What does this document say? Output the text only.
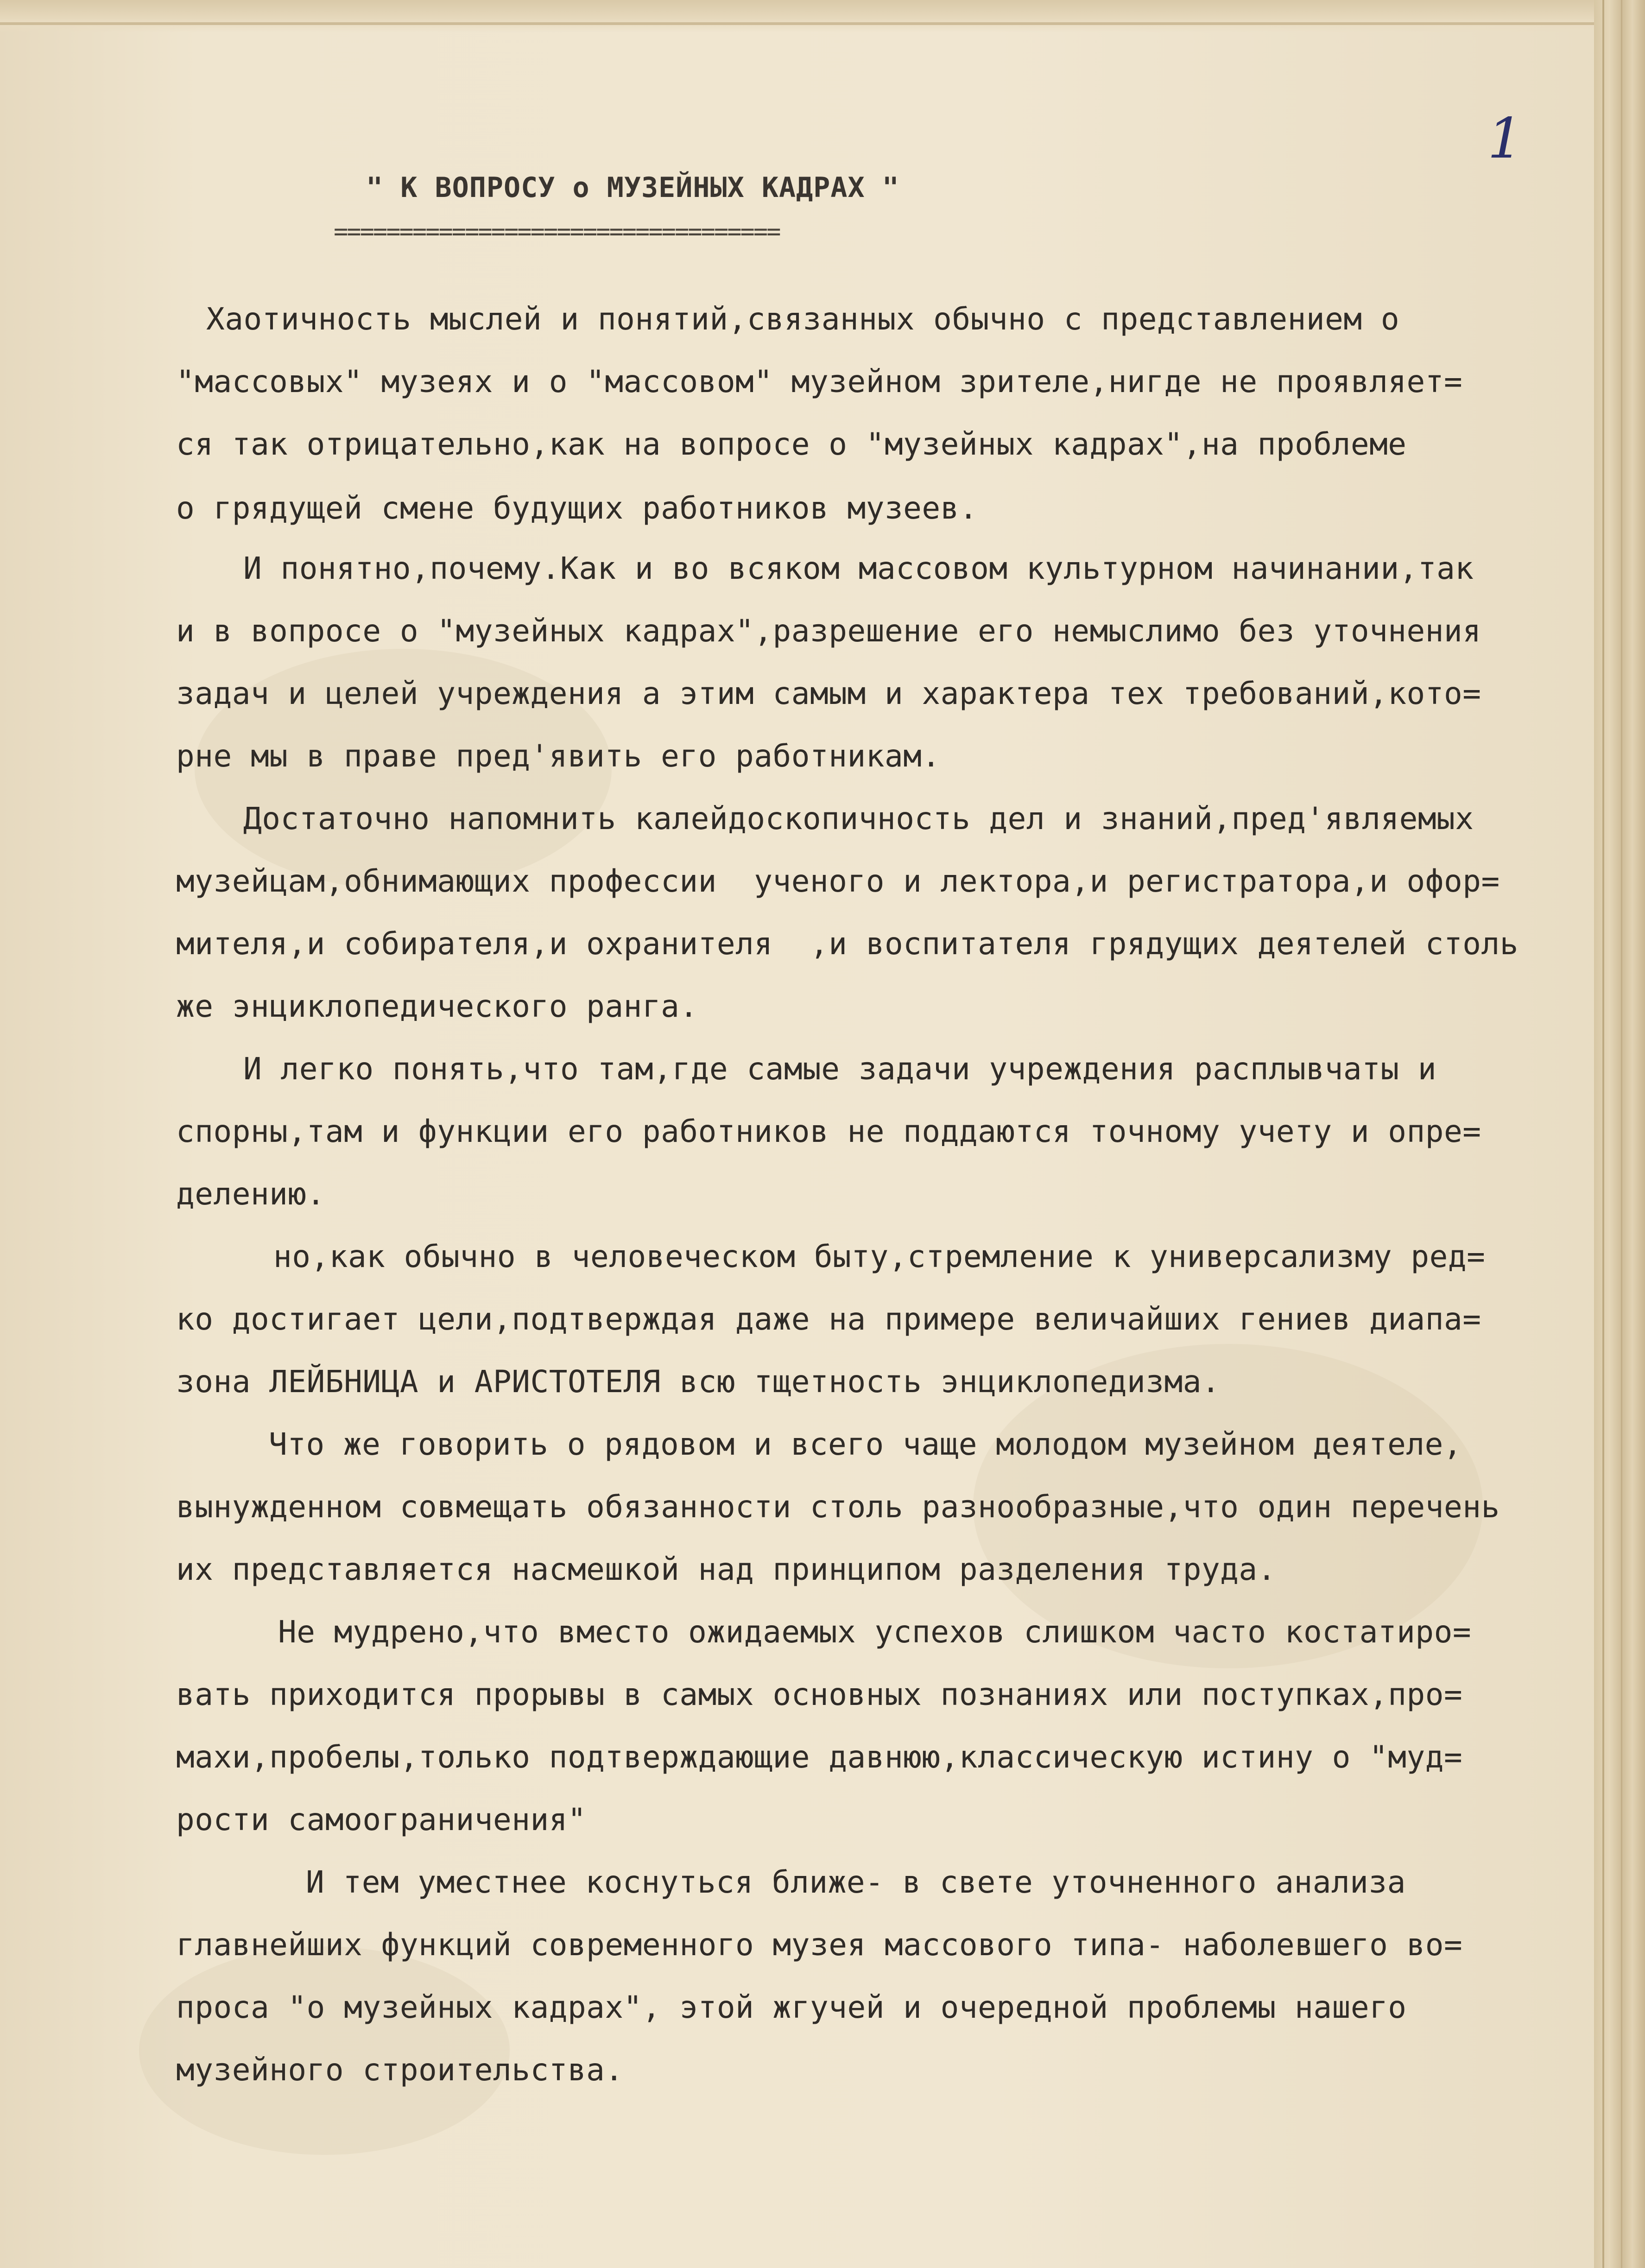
1

" К ВОПРОСУ о МУЗЕЙНЫХ КАДРАХ "

==================================

Хаотичность мыслей и понятий,связанных обычно с представлением о

"массовых" музеях и о "массовом" музейном зрителе,нигде не проявляет=

ся так отрицательно,как на вопросе о "музейных кадрах",на проблеме

о грядущей смене будущих работников музеев.

И понятно,почему.Как и во всяком массовом культурном начинании,так

и в вопросе о "музейных кадрах",разрешение его немыслимо без уточнения

задач и целей учреждения а этим самым и характера тех требований,кото=

рне мы в праве пред'явить его работникам.

Достаточно напомнить калейдоскопичность дел и знаний,пред'являемых

музейцам,обнимающих профессии  ученого и лектора,и регистратора,и офор=

мителя,и собирателя,и охранителя  ,и воспитателя грядущих деятелей столь

же энциклопедического ранга.

И легко понять,что там,где самые задачи учреждения расплывчаты и

спорны,там и функции его работников не поддаются точному учету и опре=

делению.

но,как обычно в человеческом быту,стремление к универсализму ред=

ко достигает цели,подтверждая даже на примере величайших гениев диапа=

зона ЛЕЙБНИЦА и АРИСТОТЕЛЯ всю тщетность энциклопедизма.

Что же говорить о рядовом и всего чаще молодом музейном деятеле,

вынужденном совмещать обязанности столь разнообразные,что один перечень

их представляется насмешкой над принципом разделения труда.

Не мудрено,что вместо ожидаемых успехов слишком часто костатиро=

вать приходится прорывы в самых основных познаниях или поступках,про=

махи,пробелы,только подтверждающие давнюю,классическую истину о "муд=

рости самоограничения"

И тем уместнее коснуться ближе- в свете уточненного анализа

главнейших функций современного музея массового типа- наболевшего во=

проса "о музейных кадрах", этой жгучей и очередной проблемы нашего

музейного строительства.
